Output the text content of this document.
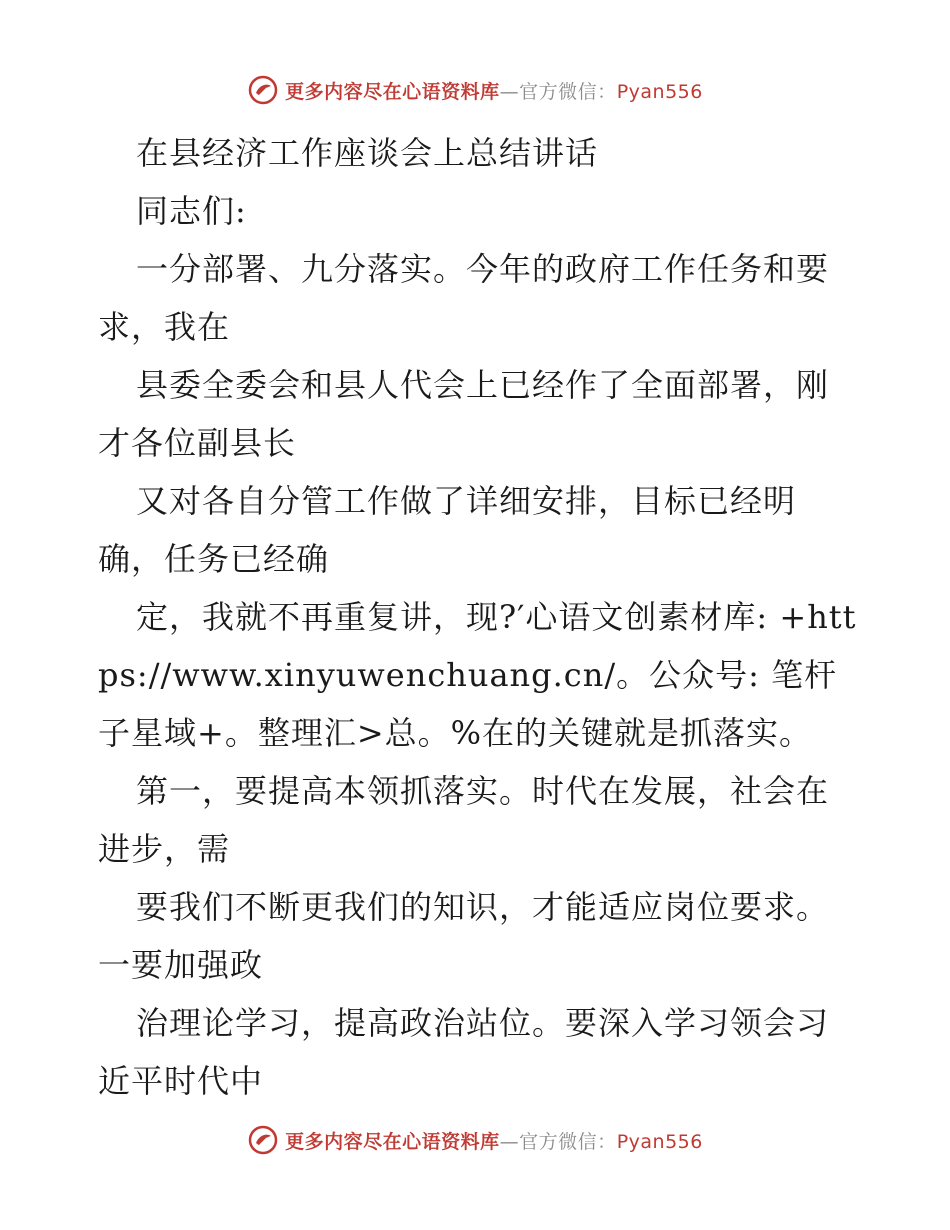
更多内容尽在心语资料库—官方微信：Pyan556

在县经济工作座谈会上总结讲话

同志们:

一分部署、九分落实。今年的政府工作任务和要求，我在

县委全委会和县人代会上已经作了全面部署，刚才各位副县长

又对各自分管工作做了详细安排，目标已经明确，任务已经确

定，我就不再重复讲，现?′心语文创素材库: +https://www.xinyuwenchuang.cn/。公众号: 笔杆子星域+。整理汇>总。%在的关键就是抓落实。

第一，要提高本领抓落实。时代在发展，社会在进步，需

要我们不断更我们的知识，才能适应岗位要求。一要加强政

治理论学习，提高政治站位。要深入学习领会习近平时代中

更多内容尽在心语资料库—官方微信：Pyan556
